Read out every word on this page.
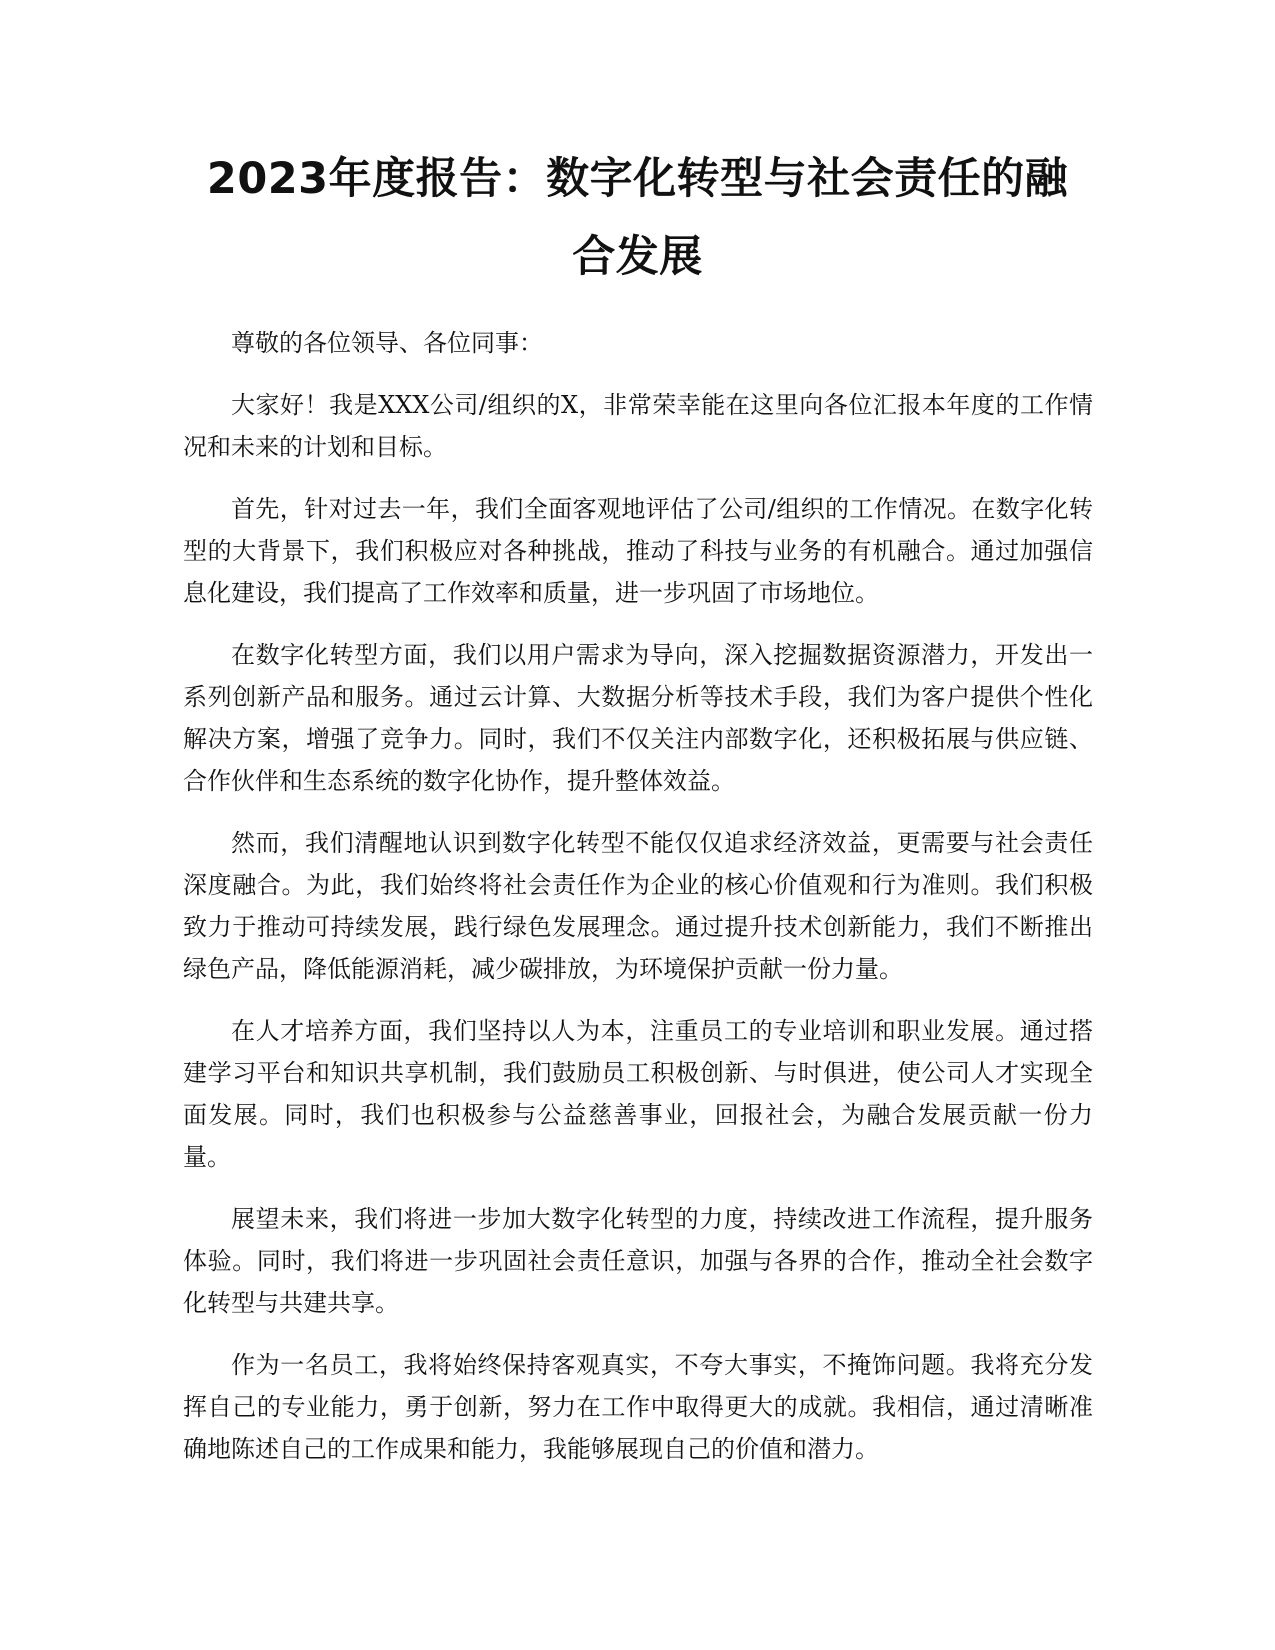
2023年度报告：数字化转型与社会责任的融
合发展

尊敬的各位领导、各位同事：

大家好！我是XXX公司/组织的X，非常荣幸能在这里向各位汇报本年度的工作情况和未来的计划和目标。

首先，针对过去一年，我们全面客观地评估了公司/组织的工作情况。在数字化转型的大背景下，我们积极应对各种挑战，推动了科技与业务的有机融合。通过加强信息化建设，我们提高了工作效率和质量，进一步巩固了市场地位。

在数字化转型方面，我们以用户需求为导向，深入挖掘数据资源潜力，开发出一系列创新产品和服务。通过云计算、大数据分析等技术手段，我们为客户提供个性化解决方案，增强了竞争力。同时，我们不仅关注内部数字化，还积极拓展与供应链、合作伙伴和生态系统的数字化协作，提升整体效益。

然而，我们清醒地认识到数字化转型不能仅仅追求经济效益，更需要与社会责任深度融合。为此，我们始终将社会责任作为企业的核心价值观和行为准则。我们积极致力于推动可持续发展，践行绿色发展理念。通过提升技术创新能力，我们不断推出绿色产品，降低能源消耗，减少碳排放，为环境保护贡献一份力量。

在人才培养方面，我们坚持以人为本，注重员工的专业培训和职业发展。通过搭建学习平台和知识共享机制，我们鼓励员工积极创新、与时俱进，使公司人才实现全面发展。同时，我们也积极参与公益慈善事业，回报社会，为融合发展贡献一份力量。

展望未来，我们将进一步加大数字化转型的力度，持续改进工作流程，提升服务体验。同时，我们将进一步巩固社会责任意识，加强与各界的合作，推动全社会数字化转型与共建共享。

作为一名员工，我将始终保持客观真实，不夸大事实，不掩饰问题。我将充分发挥自己的专业能力，勇于创新，努力在工作中取得更大的成就。我相信，通过清晰准确地陈述自己的工作成果和能力，我能够展现自己的价值和潜力。
